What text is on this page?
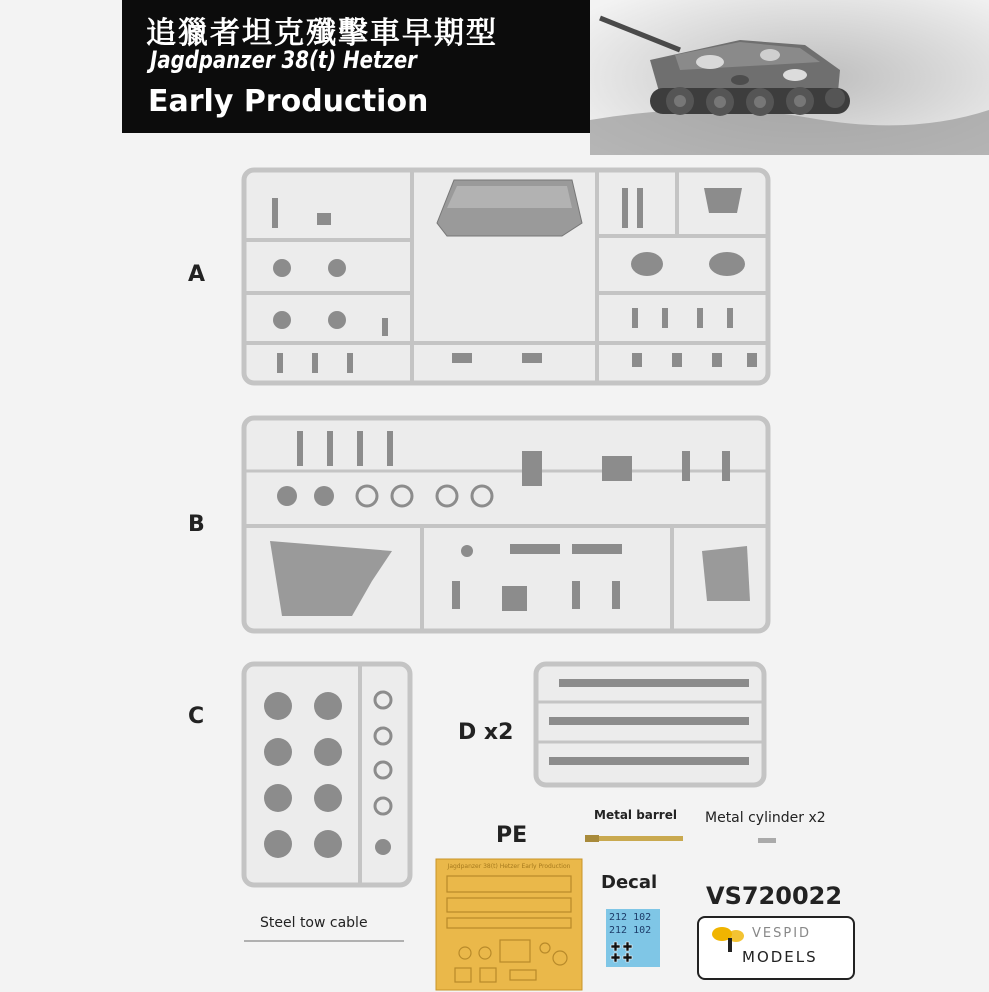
追獵者坦克殲擊車早期型
Jagdpanzer 38(t) Hetzer
Early Production
A
B
C
D x2
PE
Metal barrel Metal cylinder x2
Jagdpanzer 38(t) Hetzer Early Production
Decal
212 102
212 102
VS720022
VESPID
MODELS
Steel tow cable
